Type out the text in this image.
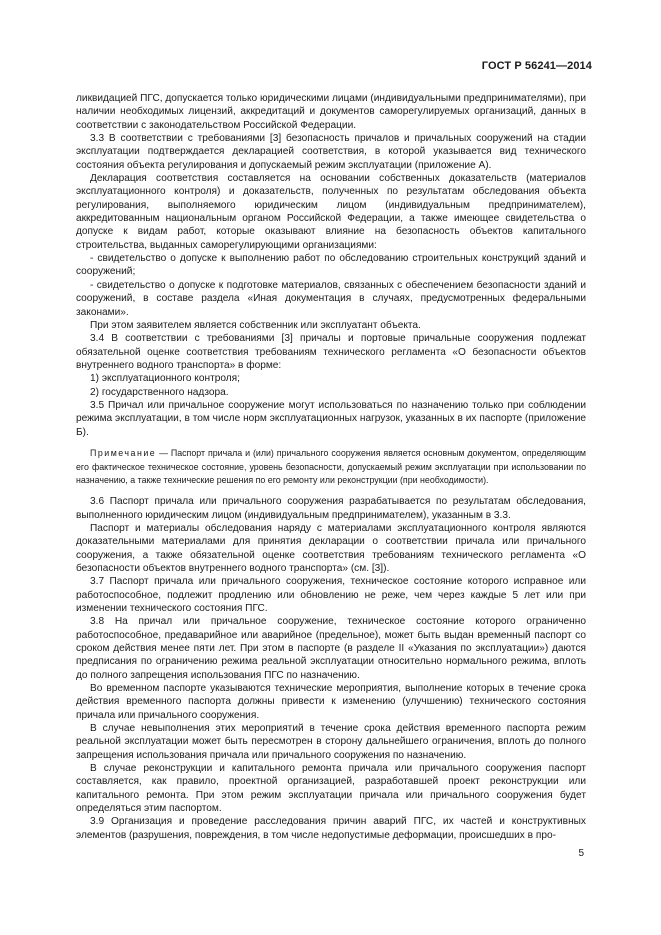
ГОСТ Р 56241—2014

ликвидацией ПГС, допускается только юридическими лицами (индивидуальными предпринимателями), при наличии необходимых лицензий, аккредитаций и документов саморегулируемых организаций, данных в соответствии с законодательством Российской Федерации.

3.3 В соответствии с требованиями [3] безопасность причалов и причальных сооружений на стадии эксплуатации подтверждается декларацией соответствия, в которой указывается вид технического состояния объекта регулирования и допускаемый режим эксплуатации (приложение А).

Декларация соответствия составляется на основании собственных доказательств (материалов эксплуатационного контроля) и доказательств, полученных по результатам обследования объекта регулирования, выполняемого юридическим лицом (индивидуальным предпринимателем), аккредитованным национальным органом Российской Федерации, а также имеющее свидетельства о допуске к видам работ, которые оказывают влияние на безопасность объектов капитального строительства, выданных саморегулирующими организациями:

- свидетельство о допуске к выполнению работ по обследованию строительных конструкций зданий и сооружений;

- свидетельство о допуске к подготовке материалов, связанных с обеспечением безопасности зданий и сооружений, в составе раздела «Иная документация в случаях, предусмотренных федеральными законами».

При этом заявителем является собственник или эксплуатант объекта.

3.4 В соответствии с требованиями [3] причалы и портовые причальные сооружения подлежат обязательной оценке соответствия требованиям технического регламента «О безопасности объектов внутреннего водного транспорта» в форме:

1) эксплуатационного контроля;

2) государственного надзора.

3.5 Причал или причальное сооружение могут использоваться по назначению только при соблюдении режима эксплуатации, в том числе норм эксплуатационных нагрузок, указанных в их паспорте (приложение Б).

Примечание — Паспорт причала и (или) причального сооружения является основным документом, определяющим его фактическое техническое состояние, уровень безопасности, допускаемый режим эксплуатации при использовании по назначению, а также технические решения по его ремонту или реконструкции (при необходимости).

3.6 Паспорт причала или причального сооружения разрабатывается по результатам обследования, выполненного юридическим лицом (индивидуальным предпринимателем), указанным в 3.3.

Паспорт и материалы обследования наряду с материалами эксплуатационного контроля являются доказательными материалами для принятия декларации о соответствии причала или причального сооружения, а также обязательной оценке соответствия требованиям технического регламента «О безопасности объектов внутреннего водного транспорта» (см. [3]).

3.7 Паспорт причала или причального сооружения, техническое состояние которого исправное или работоспособное, подлежит продлению или обновлению не реже, чем через каждые 5 лет или при изменении технического состояния ПГС.

3.8 На причал или причальное сооружение, техническое состояние которого ограниченно работоспособное, предаварийное или аварийное (предельное), может быть выдан временный паспорт со сроком действия менее пяти лет. При этом в паспорте (в разделе II «Указания по эксплуатации») даются предписания по ограничению режима реальной эксплуатации относительно нормального режима, вплоть до полного запрещения использования ПГС по назначению.

Во временном паспорте указываются технические мероприятия, выполнение которых в течение срока действия временного паспорта должны привести к изменению (улучшению) технического состояния причала или причального сооружения.

В случае невыполнения этих мероприятий в течение срока действия временного паспорта режим реальной эксплуатации может быть пересмотрен в сторону дальнейшего ограничения, вплоть до полного запрещения использования причала или причального сооружения по назначению.

В случае реконструкции и капитального ремонта причала или причального сооружения паспорт составляется, как правило, проектной организацией, разработавшей проект реконструкции или капитального ремонта. При этом режим эксплуатации причала или причального сооружения будет определяться этим паспортом.

3.9 Организация и проведение расследования причин аварий ПГС, их частей и конструктивных элементов (разрушения, повреждения, в том числе недопустимые деформации, происшедших в про-

5
